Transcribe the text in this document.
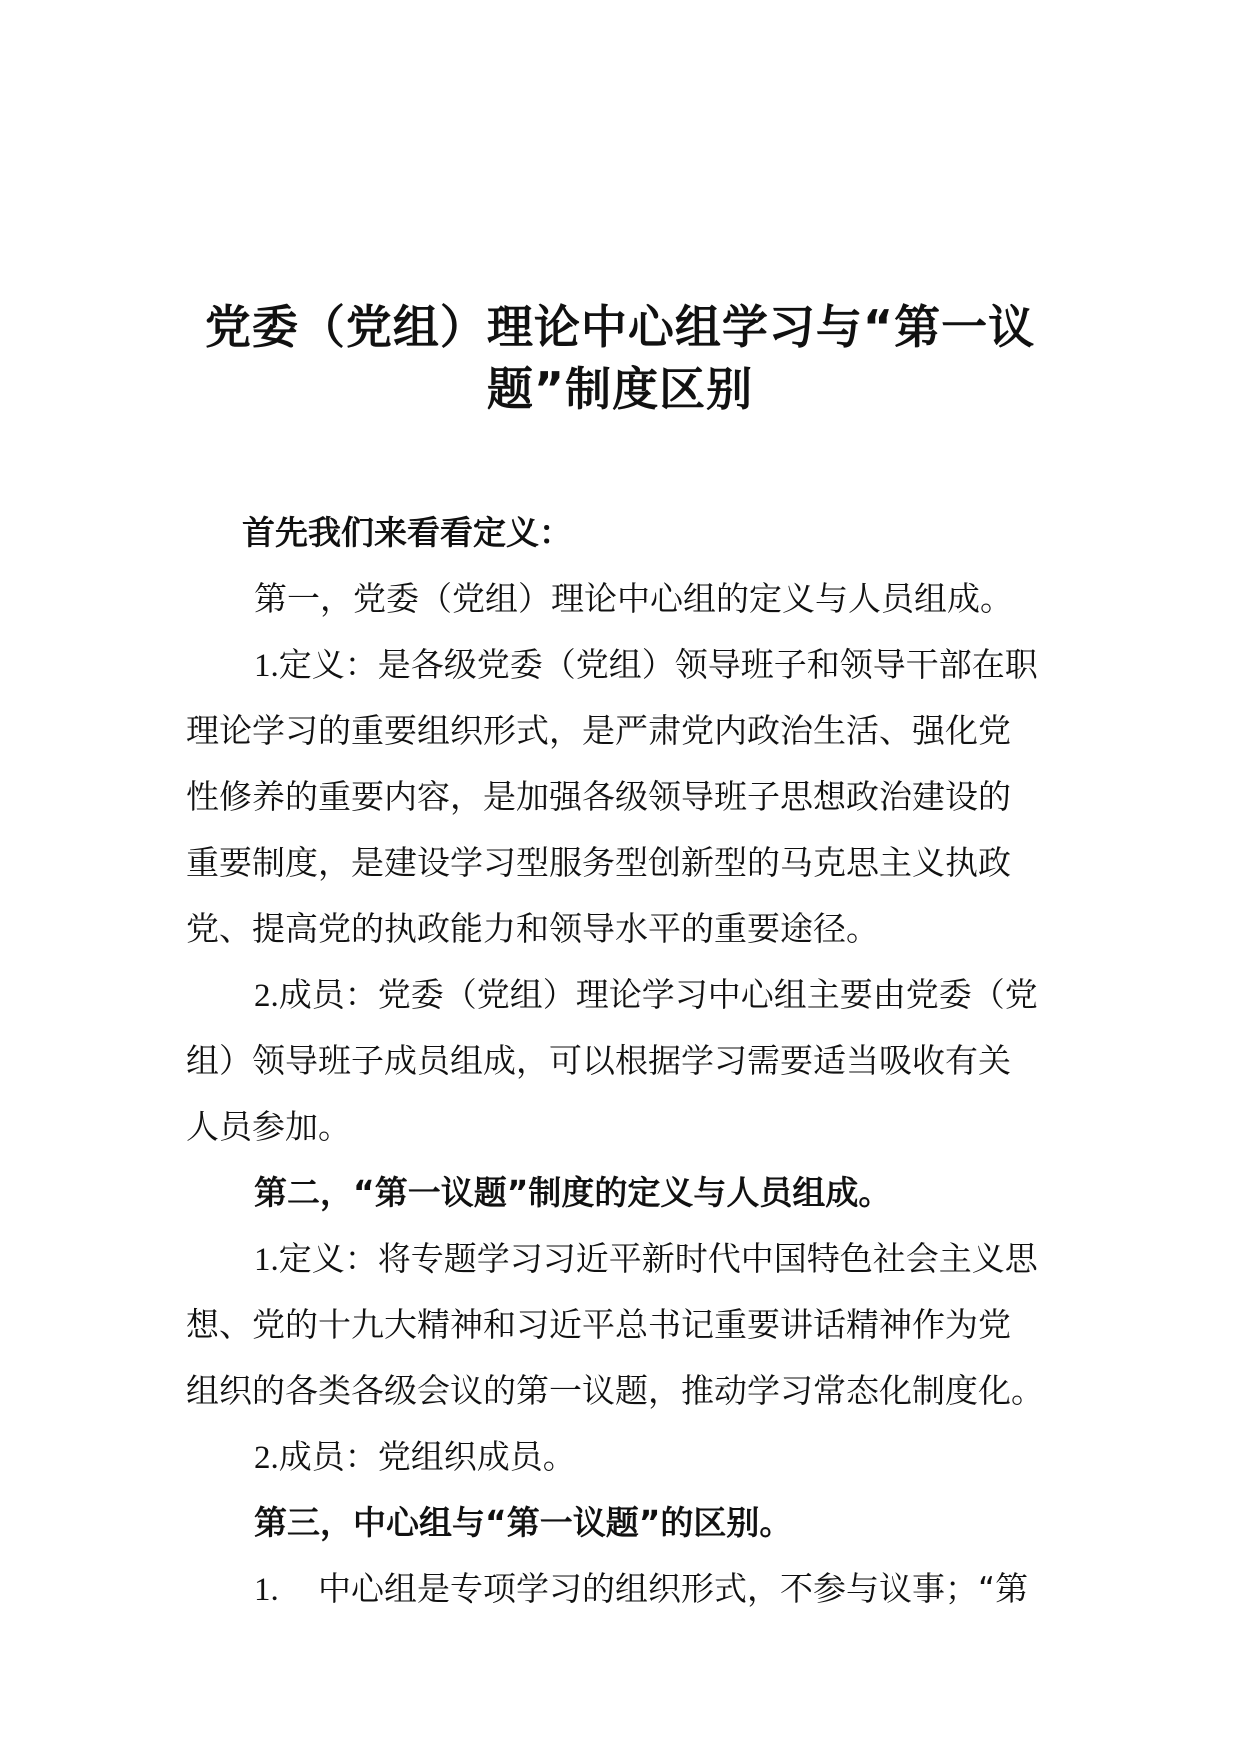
党委（党组）理论中心组学习与“第一议
题”制度区别
首先我们来看看定义：
第一，党委（党组）理论中心组的定义与人员组成。
1.定义：是各级党委（党组）领导班子和领导干部在职
理论学习的重要组织形式，是严肃党内政治生活、强化党
性修养的重要内容，是加强各级领导班子思想政治建设的
重要制度，是建设学习型服务型创新型的马克思主义执政
党、提高党的执政能力和领导水平的重要途径。
2.成员：党委（党组）理论学习中心组主要由党委（党
组）领导班子成员组成，可以根据学习需要适当吸收有关
人员参加。
第二，“第一议题”制度的定义与人员组成。
1.定义：将专题学习习近平新时代中国特色社会主义思
想、党的十九大精神和习近平总书记重要讲话精神作为党
组织的各类各级会议的第一议题，推动学习常态化制度化。
2.成员：党组织成员。
第三，中心组与“第一议题”的区别。
1. 中心组是专项学习的组织形式，不参与议事；“第
